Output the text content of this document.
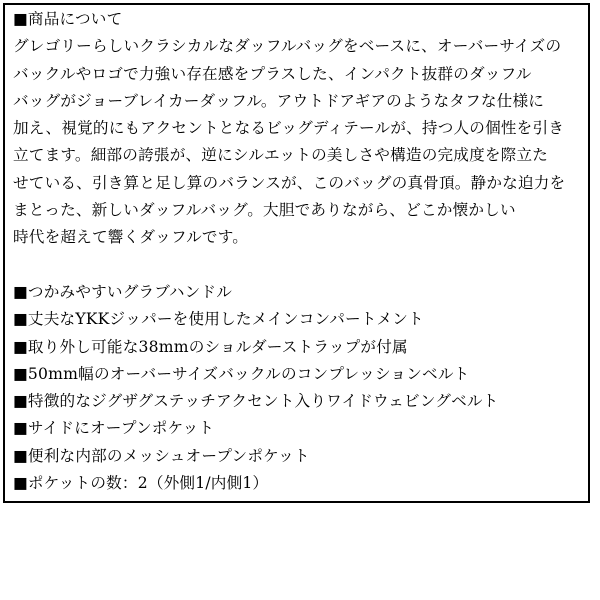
■商品について
グレゴリーらしいクラシカルなダッフルバッグをベースに、オーバーサイズの
バックルやロゴで力強い存在感をプラスした、インパクト抜群のダッフル
バッグがジョーブレイカーダッフル。アウトドアギアのようなタフな仕様に
加え、視覚的にもアクセントとなるビッグディテールが、持つ人の個性を引き
立てます。細部の誇張が、逆にシルエットの美しさや構造の完成度を際立た
せている、引き算と足し算のバランスが、このバッグの真骨頂。静かな迫力を
まとった、新しいダッフルバッグ。大胆でありながら、どこか懐かしい
時代を超えて響くダッフルです。
■つかみやすいグラブハンドル
■丈夫なYKKジッパーを使用したメインコンパートメント
■取り外し可能な38mmのショルダーストラップが付属
■50mm幅のオーバーサイズバックルのコンプレッションベルト
■特徴的なジグザグステッチアクセント入りワイドウェビングベルト
■サイドにオープンポケット
■便利な内部のメッシュオープンポケット
■ポケットの数：2（外側1/内側1）
